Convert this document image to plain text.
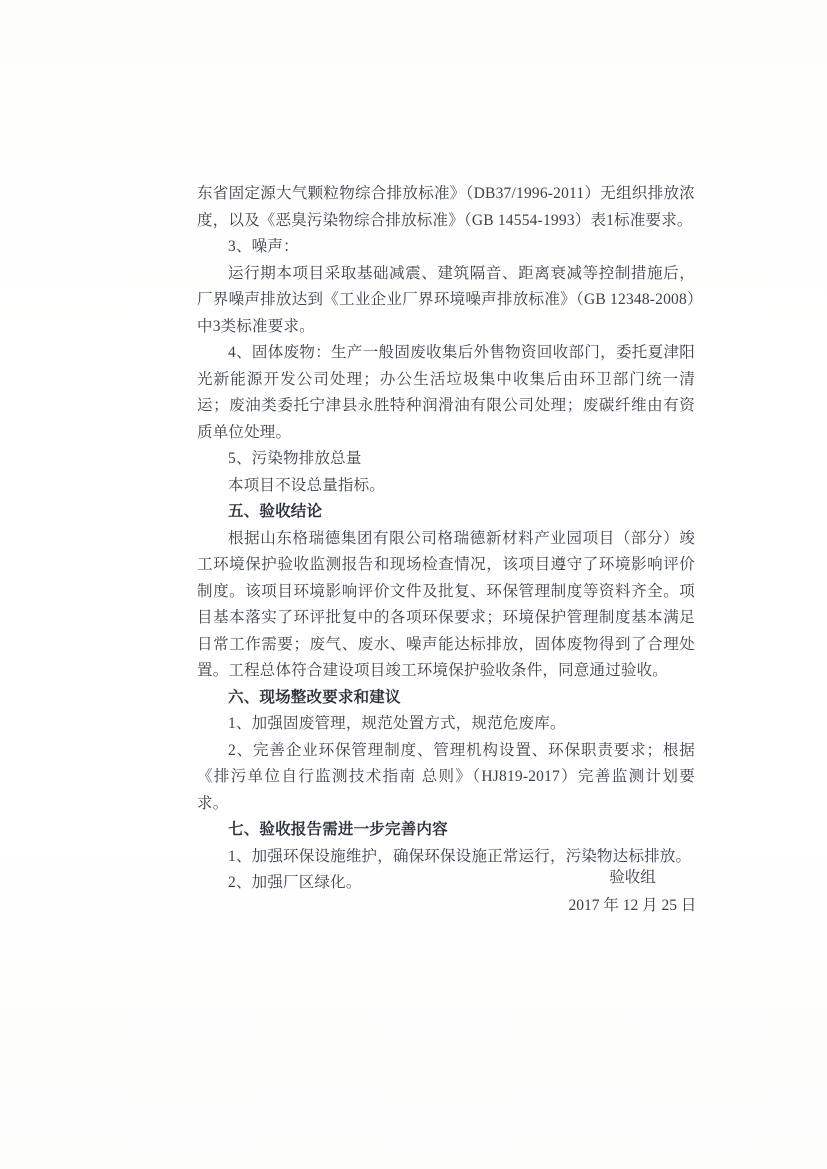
东省固定源大气颗粒物综合排放标准》（DB37/1996-2011）无组织排放浓度，以及《恶臭污染物综合排放标准》（GB 14554-1993）表1标准要求。

3、噪声：

运行期本项目采取基础减震、建筑隔音、距离衰减等控制措施后，厂界噪声排放达到《工业企业厂界环境噪声排放标准》（GB 12348-2008）中3类标准要求。

4、固体废物：生产一般固废收集后外售物资回收部门，委托夏津阳光新能源开发公司处理；办公生活垃圾集中收集后由环卫部门统一清运；废油类委托宁津县永胜特种润滑油有限公司处理；废碳纤维由有资质单位处理。

5、污染物排放总量

本项目不设总量指标。

五、验收结论

根据山东格瑞德集团有限公司格瑞德新材料产业园项目（部分）竣工环境保护验收监测报告和现场检查情况，该项目遵守了环境影响评价制度。该项目环境影响评价文件及批复、环保管理制度等资料齐全。项目基本落实了环评批复中的各项环保要求；环境保护管理制度基本满足日常工作需要；废气、废水、噪声能达标排放，固体废物得到了合理处置。工程总体符合建设项目竣工环境保护验收条件，同意通过验收。

六、现场整改要求和建议

1、加强固废管理，规范处置方式，规范危废库。

2、完善企业环保管理制度、管理机构设置、环保职责要求；根据《排污单位自行监测技术指南 总则》（HJ819-2017）完善监测计划要求。

七、验收报告需进一步完善内容

1、加强环保设施维护，确保环保设施正常运行，污染物达标排放。

2、加强厂区绿化。	验收组
2017 年 12 月 25 日
